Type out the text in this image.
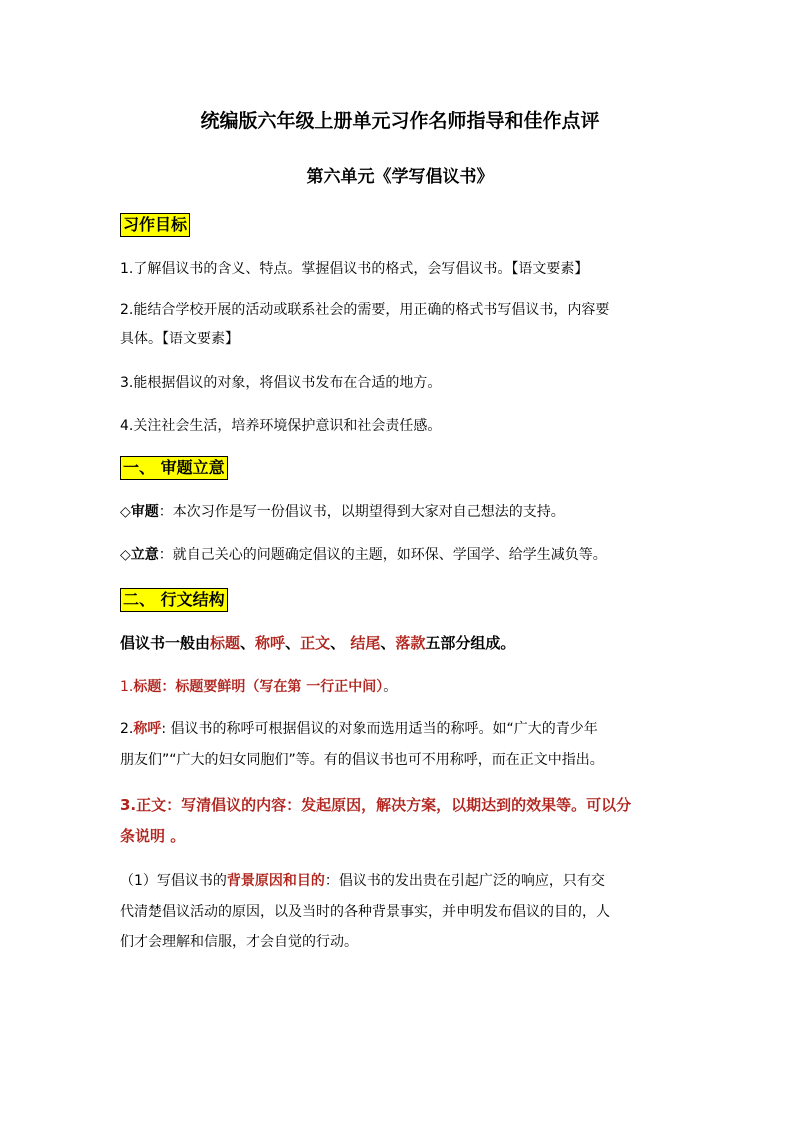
统编版六年级上册单元习作名师指导和佳作点评
第六单元《学写倡议书》
习作目标
1.了解倡议书的含义、特点。掌握倡议书的格式，会写倡议书。【语文要素】
2.能结合学校开展的活动或联系社会的需要，用正确的格式书写倡议书，内容要
具体。【语文要素】
3.能根据倡议的对象，将倡议书发布在合适的地方。
4.关注社会生活，培养环境保护意识和社会责任感。
一、 审题立意
◇审题：本次习作是写一份倡议书，以期望得到大家对自己想法的支持。
◇立意：就自己关心的问题确定倡议的主题，如环保、学国学、给学生减负等。
二、 行文结构
倡议书一般由标题、称呼、正文、 结尾、落款五部分组成。
1.标题：标题要鲜明（写在第 一行正中间）。
2.称呼: 倡议书的称呼可根据倡议的对象而选用适当的称呼。如“广大的青少年
朋友们”“广大的妇女同胞们”等。有的倡议书也可不用称呼，而在正文中指出。
3.正文：写清倡议的内容：发起原因，解决方案，以期达到的效果等。可以分
条说明 。
（1）写倡议书的背景原因和目的：倡议书的发出贵在引起广泛的响应，只有交
代清楚倡议活动的原因，以及当时的各种背景事实，并申明发布倡议的目的，人
们才会理解和信服，才会自觉的行动。
